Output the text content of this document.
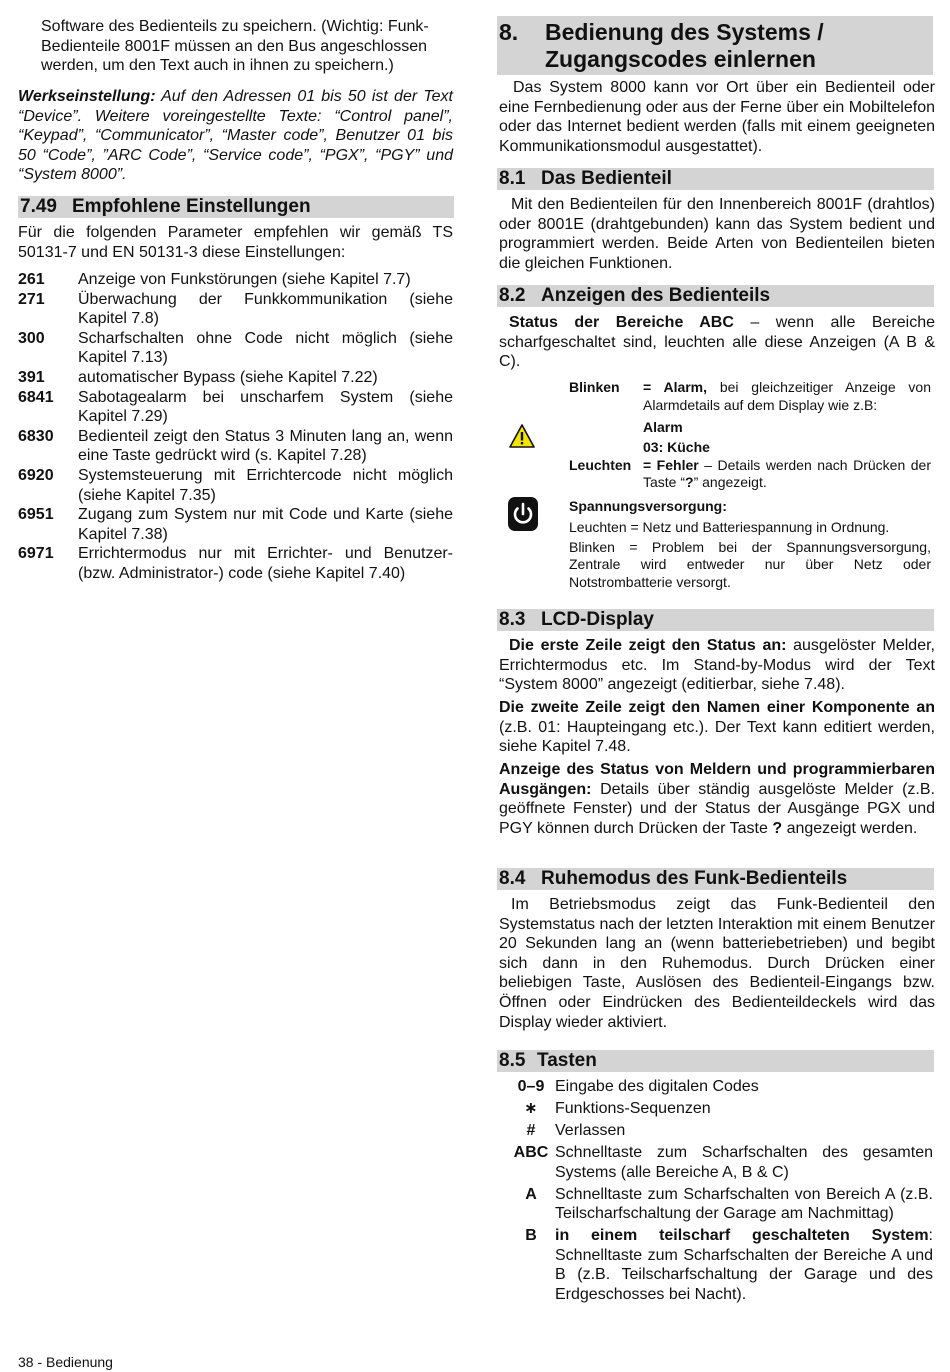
Software des Bedienteils zu speichern. (Wichtig: Funk-
Bedienteile 8001F müssen an den Bus angeschlossen
werden, um den Text auch in ihnen zu speichern.)

Werkseinstellung: Auf den Adressen 01 bis 50 ist der Text “Device”. Weitere voreingestellte Texte: “Control panel”, “Keypad”, “Communicator”, “Master code”, Benutzer 01 bis 50 “Code”, ”ARC Code”, “Service code”, “PGX”, “PGY” und “System 8000”.

7.49 Empfohlene Einstellungen

Für die folgenden Parameter empfehlen wir gemäß TS 50131-7 und EN 50131-3 diese Einstellungen:

261	Anzeige von Funkstörungen (siehe Kapitel 7.7)
271	Überwachung der Funkkommunikation (siehe Kapitel 7.8)
300	Scharfschalten ohne Code nicht möglich (siehe Kapitel 7.13)
391	automatischer Bypass (siehe Kapitel 7.22)
6841	Sabotagealarm bei unscharfem System (siehe Kapitel 7.29)
6830	Bedienteil zeigt den Status 3 Minuten lang an, wenn eine Taste gedrückt wird (s. Kapitel 7.28)
6920	Systemsteuerung mit Errichtercode nicht möglich (siehe Kapitel 7.35)
6951	Zugang zum System nur mit Code und Karte (siehe Kapitel 7.38)
6971	Errichtermodus nur mit Errichter- und Benutzer- (bzw. Administrator-) code (siehe Kapitel 7.40)
8. Bedienung des Systems /
Zugangscodes einlernen

Das System 8000 kann vor Ort über ein Bedienteil oder eine Fernbedienung oder aus der Ferne über ein Mobiltelefon oder das Internet bedient werden (falls mit einem geeigneten Kommunikationsmodul ausgestattet).

8.1 Das Bedienteil

Mit den Bedienteilen für den Innenbereich 8001F (drahtlos) oder 8001E (drahtgebunden) kann das System bedient und programmiert werden. Beide Arten von Bedienteilen bieten die gleichen Funktionen.

8.2 Anzeigen des Bedienteils

Status der Bereiche ABC – wenn alle Bereiche scharfgeschaltet sind, leuchten alle diese Anzeigen (A B & C).

Blinken	= Alarm, bei gleichzeitiger Anzeige von Alarmdetails auf dem Display wie z.B:
Alarm
03: Küche
Leuchten = Fehler – Details werden nach Drücken der Taste “?” angezeigt.
Spannungsversorgung:
Leuchten = Netz und Batteriespannung in Ordnung.
Blinken = Problem bei der Spannungsversorgung, Zentrale wird entweder nur über Netz oder Notstrombatterie versorgt.
8.3 LCD-Display

Die erste Zeile zeigt den Status an: ausgelöster Melder, Errichtermodus etc. Im Stand-by-Modus wird der Text “System 8000” angezeigt (editierbar, siehe 7.48).

Die zweite Zeile zeigt den Namen einer Komponente an (z.B. 01: Haupteingang etc.). Der Text kann editiert werden, siehe Kapitel 7.48.

Anzeige des Status von Meldern und programmierbaren Ausgängen: Details über ständig ausgelöste Melder (z.B. geöffnete Fenster) und der Status der Ausgänge PGX und PGY können durch Drücken der Taste ? angezeigt werden.

8.4 Ruhemodus des Funk-Bedienteils

Im Betriebsmodus zeigt das Funk-Bedienteil den Systemstatus nach der letzten Interaktion mit einem Benutzer 20 Sekunden lang an (wenn batteriebetrieben) und begibt sich dann in den Ruhemodus. Durch Drücken einer beliebigen Taste, Auslösen des Bedienteil-Eingangs bzw. Öffnen oder Eindrücken des Bedienteildeckels wird das Display wieder aktiviert.

8.5 Tasten
0–9 Eingabe des digitalen Codes
∗	Funktions-Sequenzen
#	Verlassen
ABC Schnelltaste zum Scharfschalten des gesamten Systems (alle Bereiche A, B & C)
A	Schnelltaste zum Scharfschalten von Bereich A (z.B. Teilscharfschaltung der Garage am Nachmittag)
B	in einem teilscharf geschalteten System: Schnelltaste zum Scharfschalten der Bereiche A und B (z.B. Teilscharfschaltung der Garage und des Erdgeschosses bei Nacht).
38 - Bedienung
